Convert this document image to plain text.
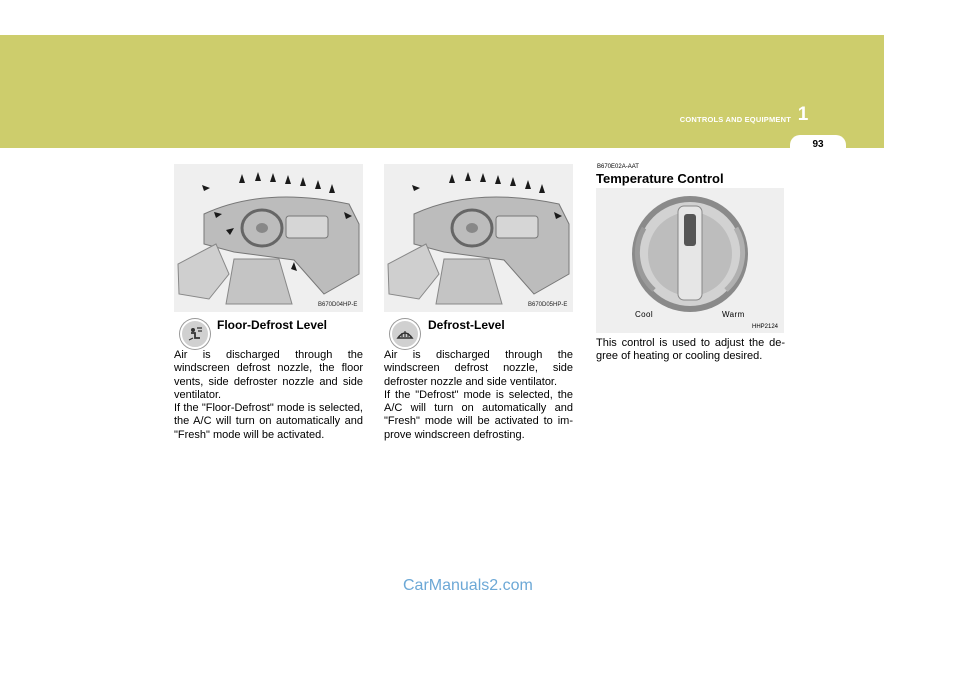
1
CONTROLS AND EQUIPMENT
93
B670D04HP-E
Floor-Defrost Level

Air is discharged through the windscreen defrost nozzle, the floor vents, side defroster nozzle and side ventilator.

If the "Floor-Defrost" mode is selected, the A/C will turn on automatically and "Fresh" mode will be activated.

B670D05HP-E
Defrost-Level

Air is discharged through the windscreen defrost nozzle, side defroster nozzle and side ventilator.

If the "Defrost" mode is selected, the A/C will turn on automatically and "Fresh" mode will be activated to im-prove windscreen defrosting.

B670E02A-AAT
Temperature Control
Cool	Warm
HHP2124

This control is used to adjust the de-gree of heating or cooling desired.

CarManuals2.com
